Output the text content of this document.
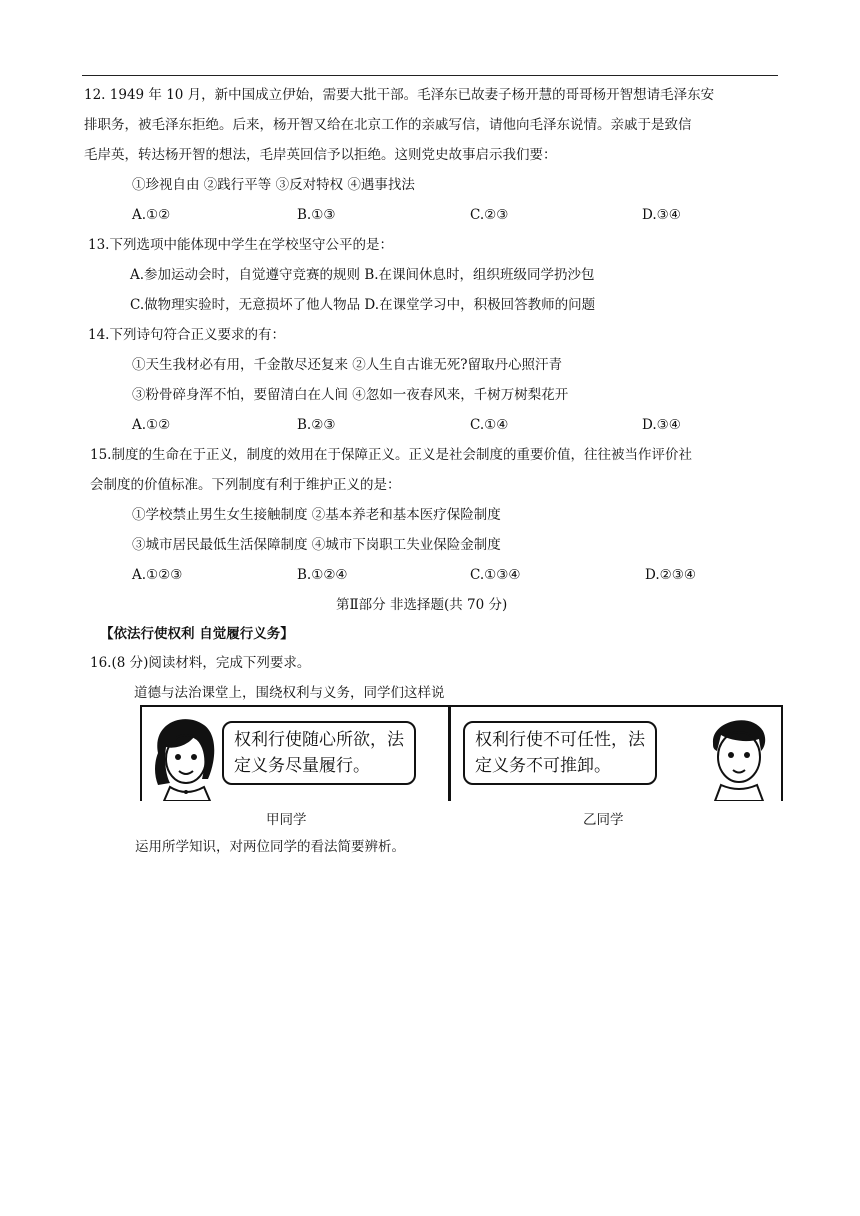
12. 1949 年 10 月，新中国成立伊始，需要大批干部。毛泽东已故妻子杨开慧的哥哥杨开智想请毛泽东安
排职务，被毛泽东拒绝。后来，杨开智又给在北京工作的亲戚写信，请他向毛泽东说情。亲戚于是致信
毛岸英，转达杨开智的想法，毛岸英回信予以拒绝。这则党史故事启示我们要：
①珍视自由 ②践行平等 ③反对特权 ④遇事找法
A.①②	B.①③	C.②③	D.③④
13.下列选项中能体现中学生在学校坚守公平的是：
A.参加运动会时，自觉遵守竞赛的规则 B.在课间休息时，组织班级同学扔沙包
C.做物理实验时，无意损坏了他人物品 D.在课堂学习中，积极回答教师的问题
14.下列诗句符合正义要求的有：
①天生我材必有用，千金散尽还复来 ②人生自古谁无死?留取丹心照汗青
③粉骨碎身浑不怕，要留清白在人间 ④忽如一夜春风来，千树万树梨花开
A.①②	B.②③	C.①④	D.③④
15.制度的生命在于正义，制度的效用在于保障正义。正义是社会制度的重要价值，往往被当作评价社
会制度的价值标准。下列制度有利于维护正义的是：
①学校禁止男生女生接触制度 ②基本养老和基本医疗保险制度
③城市居民最低生活保障制度 ④城市下岗职工失业保险金制度
A.①②③	B.①②④	C.①③④	D.②③④
第Ⅱ部分 非选择题(共 70 分)
【依法行使权利 自觉履行义务】
16.(8 分)阅读材料，完成下列要求。
道德与法治课堂上，围绕权利与义务，同学们这样说
权利行使随心所欲，法
定义务尽量履行。
权利行使不可任性，法
定义务不可推卸。
甲同学	乙同学
运用所学知识，对两位同学的看法简要辨析。
